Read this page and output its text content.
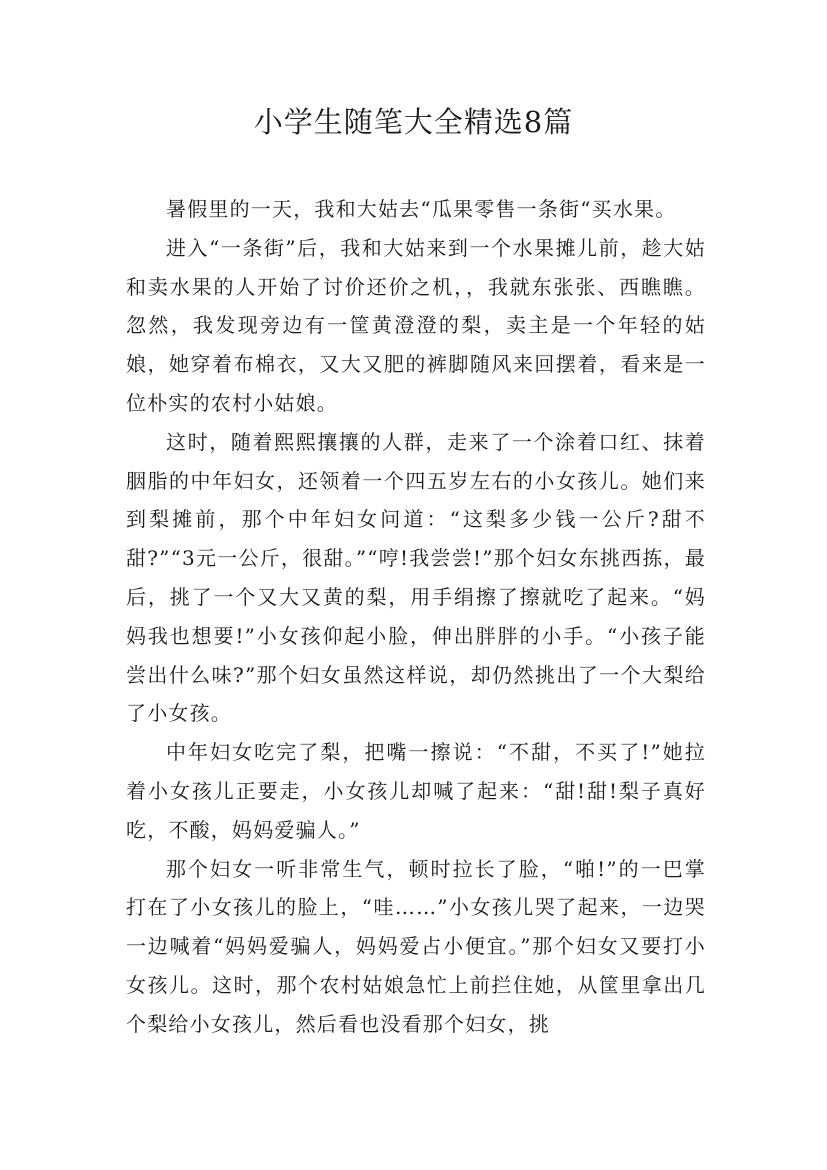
小学生随笔大全精选8篇

暑假里的一天，我和大姑去“瓜果零售一条街“买水果。

进入“一条街”后，我和大姑来到一个水果摊儿前，趁大姑和卖水果的人开始了讨价还价之机，，我就东张张、西瞧瞧。忽然，我发现旁边有一筐黄澄澄的梨，卖主是一个年轻的姑娘，她穿着布棉衣，又大又肥的裤脚随风来回摆着，看来是一位朴实的农村小姑娘。

这时，随着熙熙攘攘的人群，走来了一个涂着口红、抹着胭脂的中年妇女，还领着一个四五岁左右的小女孩儿。她们来到梨摊前，那个中年妇女问道：“这梨多少钱一公斤?甜不甜?”“3元一公斤，很甜。”“哼!我尝尝!”那个妇女东挑西拣，最后，挑了一个又大又黄的梨，用手绢擦了擦就吃了起来。“妈妈我也想要!”小女孩仰起小脸，伸出胖胖的小手。“小孩子能尝出什么味?”那个妇女虽然这样说，却仍然挑出了一个大梨给了小女孩。

中年妇女吃完了梨，把嘴一擦说：“不甜，不买了!”她拉着小女孩儿正要走，小女孩儿却喊了起来：“甜!甜!梨子真好吃，不酸，妈妈爱骗人。”

那个妇女一听非常生气，顿时拉长了脸，“啪!”的一巴掌打在了小女孩儿的脸上，“哇……”小女孩儿哭了起来，一边哭一边喊着“妈妈爱骗人，妈妈爱占小便宜。”那个妇女又要打小女孩儿。这时，那个农村姑娘急忙上前拦住她，从筐里拿出几个梨给小女孩儿，然后看也没看那个妇女，挑
